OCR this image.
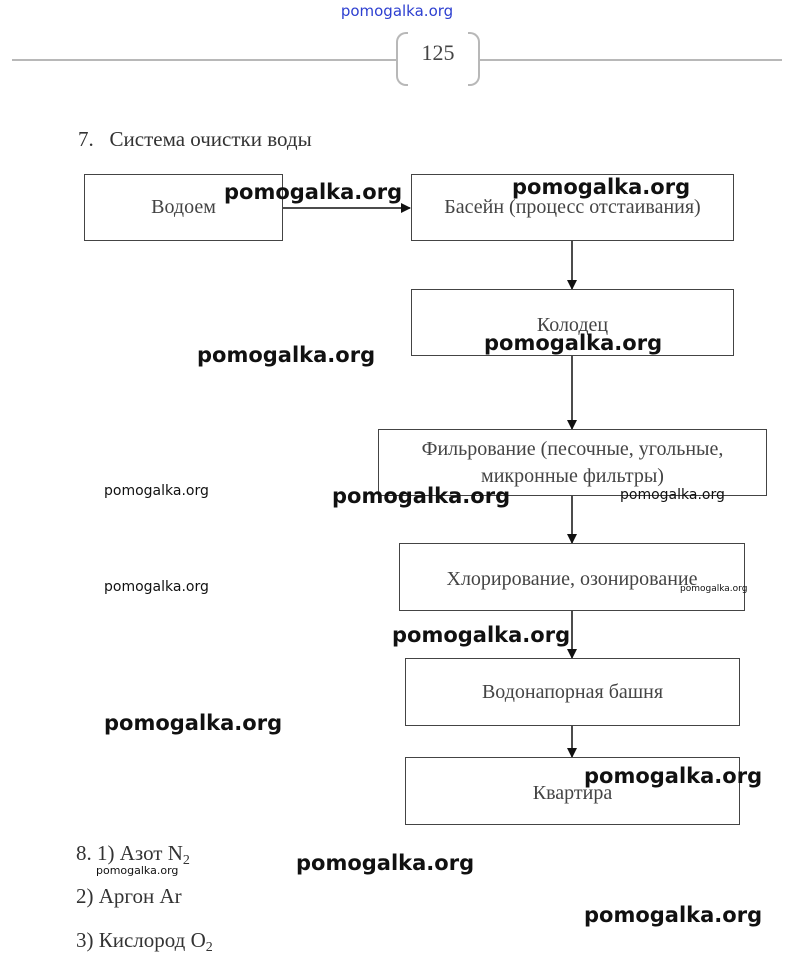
pomogalka.org
125
7.   Система очистки воды
Водоем	Басейн (процесс отстаивания)
Колодец
Фильрование (песочные, угольные, микронные фильтры)
Хлорирование, озонирование
Водонапорная башня
Квартира
pomogalka.org	pomogalka.org
pomogalka.org
pomogalka.org
pomogalka.org	pomogalka.org	pomogalka.org
pomogalka.org	pomogalka.org
pomogalka.org
pomogalka.org
pomogalka.org
pomogalka.org
pomogalka.org
pomogalka.org
8. 1) Азот N2
2) Аргон Ar
3) Кислород O2
